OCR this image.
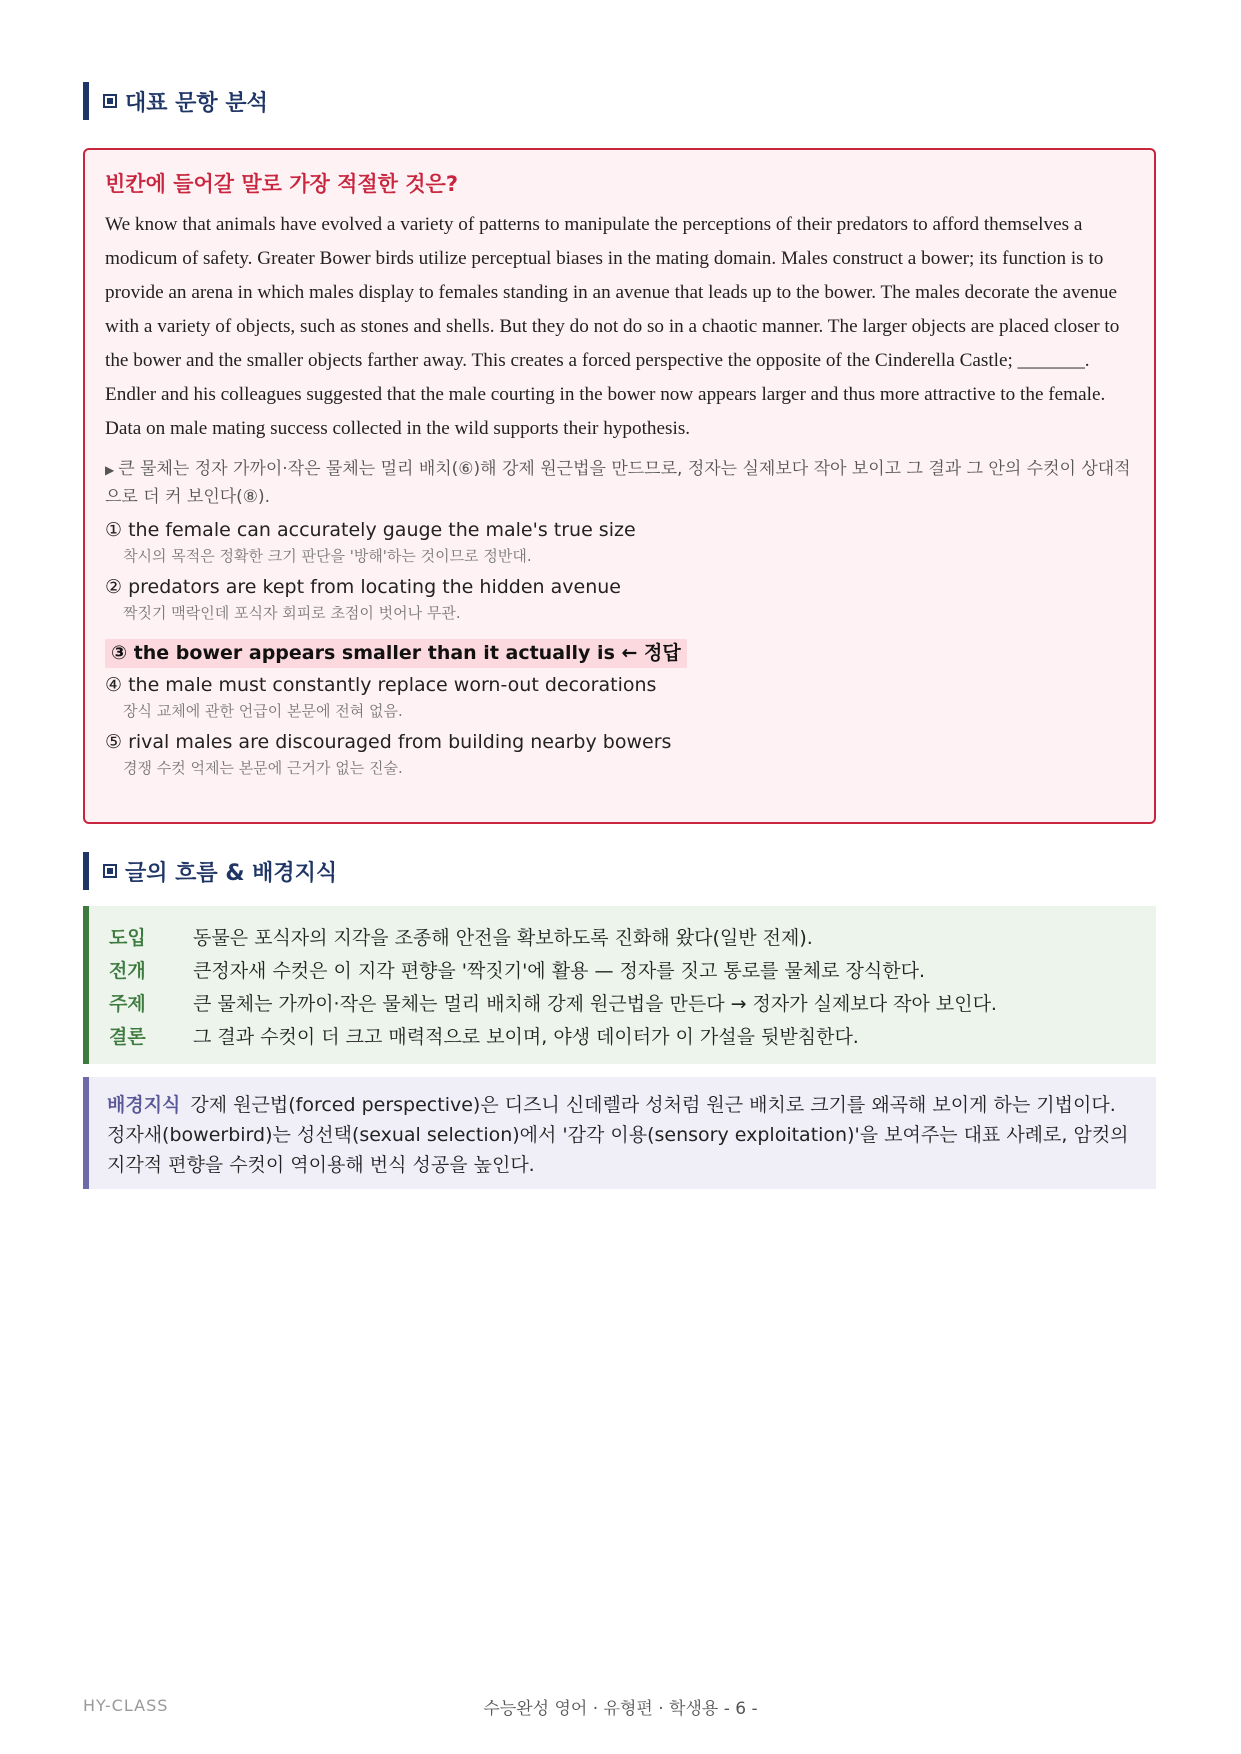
대표 문항 분석
빈칸에 들어갈 말로 가장 적절한 것은?

We know that animals have evolved a variety of patterns to manipulate the perceptions of their predators to afford themselves a modicum of safety. Greater Bower birds utilize perceptual biases in the mating domain. Males construct a bower; its function is to provide an arena in which males display to females standing in an avenue that leads up to the bower. The males decorate the avenue with a variety of objects, such as stones and shells. But they do not do so in a chaotic manner. The larger objects are placed closer to the bower and the smaller objects farther away. This creates a forced perspective the opposite of the Cinderella Castle; _______. Endler and his colleagues suggested that the male courting in the bower now appears larger and thus more attractive to the female. Data on male mating success collected in the wild supports their hypothesis.

▶ 큰 물체는 정자 가까이·작은 물체는 멀리 배치(⑥)해 강제 원근법을 만드므로, 정자는 실제보다 작아 보이고 그 결과 그 안의 수컷이 상대적으로 더 커 보인다(⑧).
① the female can accurately gauge the male's true size
착시의 목적은 정확한 크기 판단을 '방해'하는 것이므로 정반대.
② predators are kept from locating the hidden avenue
짝짓기 맥락인데 포식자 회피로 초점이 벗어나 무관.
③ the bower appears smaller than it actually is ← 정답
④ the male must constantly replace worn-out decorations
장식 교체에 관한 언급이 본문에 전혀 없음.
⑤ rival males are discouraged from building nearby bowers
경쟁 수컷 억제는 본문에 근거가 없는 진술.
글의 흐름 & 배경지식
도입	동물은 포식자의 지각을 조종해 안전을 확보하도록 진화해 왔다(일반 전제).
전개	큰정자새 수컷은 이 지각 편향을 '짝짓기'에 활용 — 정자를 짓고 통로를 물체로 장식한다.
주제	큰 물체는 가까이·작은 물체는 멀리 배치해 강제 원근법을 만든다 → 정자가 실제보다 작아 보인다.
결론	그 결과 수컷이 더 크고 매력적으로 보이며, 야생 데이터가 이 가설을 뒷받침한다.
배경지식 강제 원근법(forced perspective)은 디즈니 신데렐라 성처럼 원근 배치로 크기를 왜곡해 보이게 하는 기법이다. 정자새(bowerbird)는 성선택(sexual selection)에서 '감각 이용(sensory exploitation)'을 보여주는 대표 사례로, 암컷의 지각적 편향을 수컷이 역이용해 번식 성공을 높인다.
HY-CLASS	수능완성 영어 · 유형편 · 학생용 - 6 -
